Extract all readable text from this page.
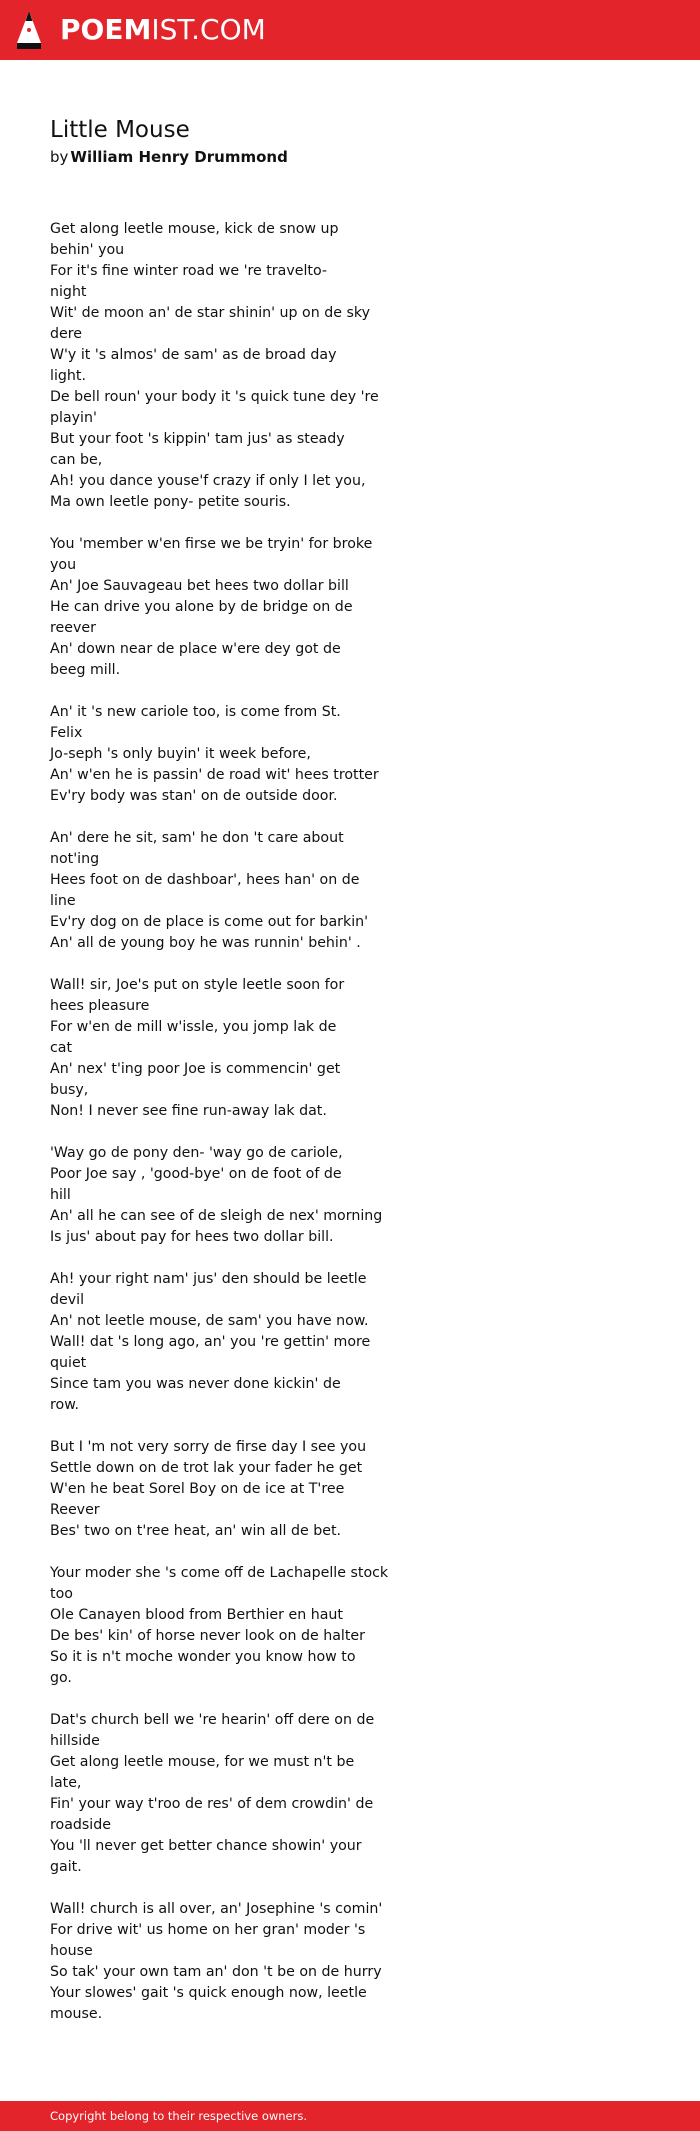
POEMIST.COM
Little Mouse
by William Henry Drummond
Get along leetle mouse, kick de snow up
behin' you
For it's fine winter road we 're travelto-
night
Wit' de moon an' de star shinin' up on de sky
dere
W'y it 's almos' de sam' as de broad day
light.
De bell roun' your body it 's quick tune dey 're
playin'
But your foot 's kippin' tam jus' as steady
can be,
Ah! you dance youse'f crazy if only I let you,
Ma own leetle pony- petite souris.
You 'member w'en firse we be tryin' for broke
you
An' Joe Sauvageau bet hees two dollar bill
He can drive you alone by de bridge on de
reever
An' down near de place w'ere dey got de
beeg mill.
An' it 's new cariole too, is come from St.
Felix
Jo-seph 's only buyin' it week before,
An' w'en he is passin' de road wit' hees trotter
Ev'ry body was stan' on de outside door.
An' dere he sit, sam' he don 't care about
not'ing
Hees foot on de dashboar', hees han' on de
line
Ev'ry dog on de place is come out for barkin'
An' all de young boy he was runnin' behin' .
Wall! sir, Joe's put on style leetle soon for
hees pleasure
For w'en de mill w'issle, you jomp lak de
cat
An' nex' t'ing poor Joe is commencin' get
busy,
Non! I never see fine run-away lak dat.
'Way go de pony den- 'way go de cariole,
Poor Joe say , 'good-bye' on de foot of de
hill
An' all he can see of de sleigh de nex' morning
Is jus' about pay for hees two dollar bill.
Ah! your right nam' jus' den should be leetle
devil
An' not leetle mouse, de sam' you have now.
Wall! dat 's long ago, an' you 're gettin' more
quiet
Since tam you was never done kickin' de
row.
But I 'm not very sorry de firse day I see you
Settle down on de trot lak your fader he get
W'en he beat Sorel Boy on de ice at T'ree
Reever
Bes' two on t'ree heat, an' win all de bet.
Your moder she 's come off de Lachapelle stock
too
Ole Canayen blood from Berthier en haut
De bes' kin' of horse never look on de halter
So it is n't moche wonder you know how to
go.
Dat's church bell we 're hearin' off dere on de
hillside
Get along leetle mouse, for we must n't be
late,
Fin' your way t'roo de res' of dem crowdin' de
roadside
You 'll never get better chance showin' your
gait.
Wall! church is all over, an' Josephine 's comin'
For drive wit' us home on her gran' moder 's
house
So tak' your own tam an' don 't be on de hurry
Your slowes' gait 's quick enough now, leetle
mouse.
Copyright belong to their respective owners.
